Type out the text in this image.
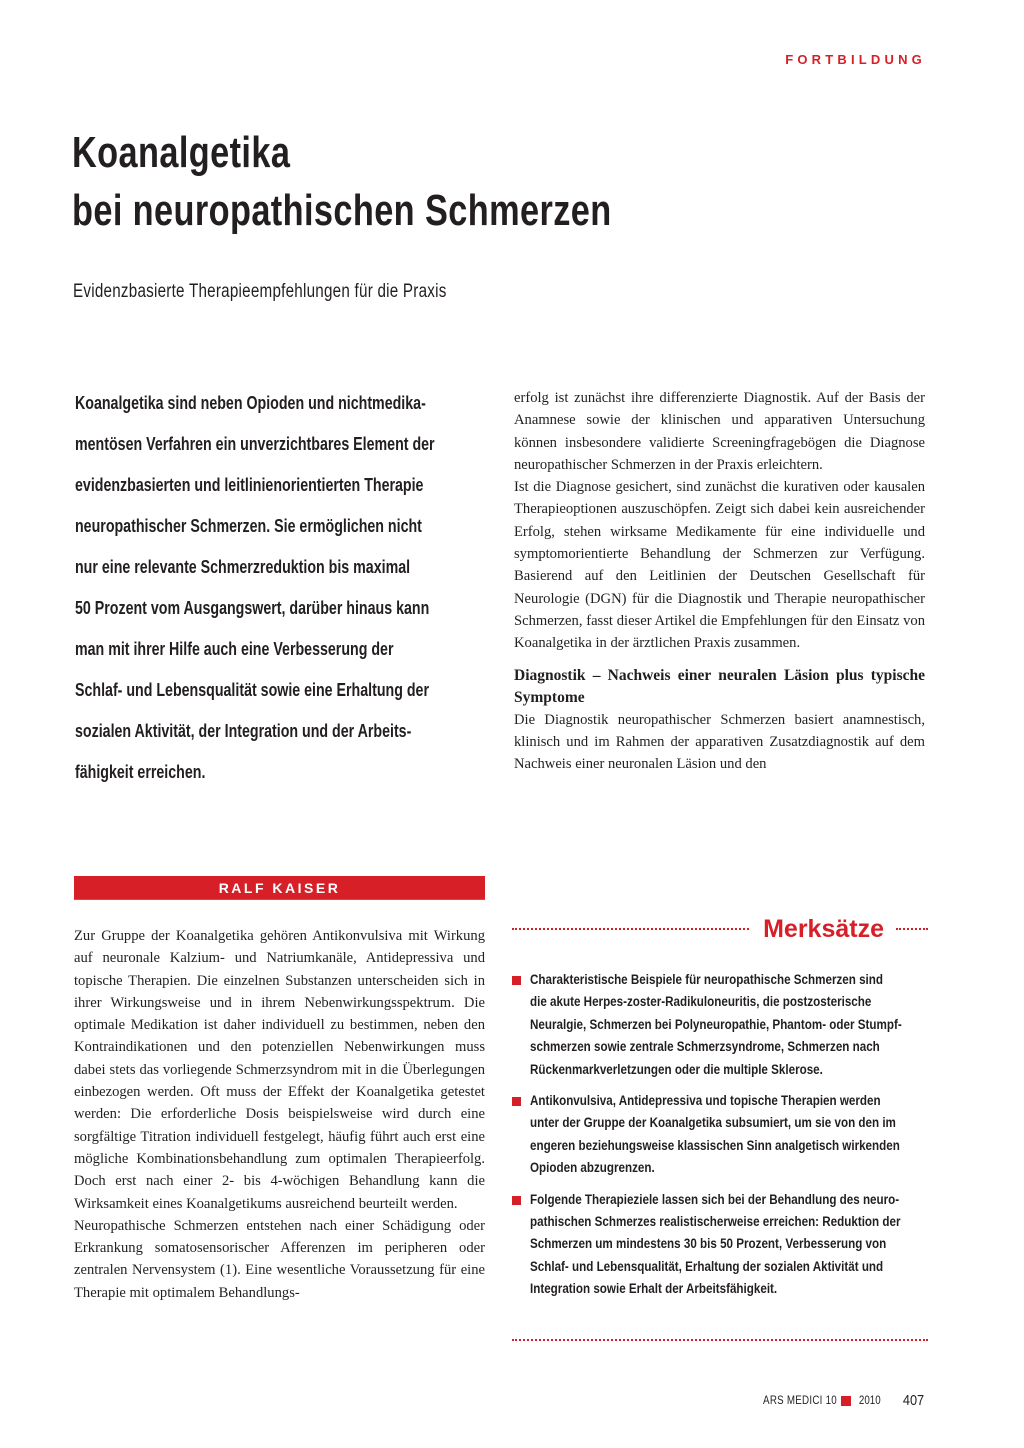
FORTBILDUNG
Koanalgetika
bei neuropathischen Schmerzen
Evidenzbasierte Therapieempfehlungen für die Praxis
Koanalgetika sind neben Opioden und nichtmedika-
mentösen Verfahren ein unverzichtbares Element der
evidenzbasierten und leitlinienorientierten Therapie
neuropathischer Schmerzen. Sie ermöglichen nicht
nur eine relevante Schmerzreduktion bis maximal
50 Prozent vom Ausgangswert, darüber hinaus kann
man mit ihrer Hilfe auch eine Verbesserung der
Schlaf- und Lebensqualität sowie eine Erhaltung der
sozialen Aktivität, der Integration und der Arbeits-
fähigkeit erreichen.

erfolg ist zunächst ihre differenzierte Diagnostik. Auf der Basis der Anamnese sowie der klinischen und apparativen Untersuchung können insbesondere validierte Screeningfragebögen die Diagnose neuropathischer Schmerzen in der Praxis erleichtern.

Ist die Diagnose gesichert, sind zunächst die kurativen oder kausalen Therapieoptionen auszuschöpfen. Zeigt sich dabei kein ausreichender Erfolg, stehen wirksame Medikamente für eine individuelle und symptomorientierte Behandlung der Schmerzen zur Verfügung. Basierend auf den Leitlinien der Deutschen Gesellschaft für Neurologie (DGN) für die Diagnostik und Therapie neuropathischer Schmerzen, fasst dieser Artikel die Empfehlungen für den Einsatz von Koanalgetika in der ärztlichen Praxis zusammen.

Diagnostik – Nachweis einer neuralen Läsion plus typische Symptome

Die Diagnostik neuropathischer Schmerzen basiert anamnestisch, klinisch und im Rahmen der apparativen Zusatzdiagnostik auf dem Nachweis einer neuronalen Läsion und den

RALF KAISER

Zur Gruppe der Koanalgetika gehören Antikonvulsiva mit Wirkung auf neuronale Kalzium- und Natriumkanäle, Antidepressiva und topische Therapien. Die einzelnen Substanzen unterscheiden sich in ihrer Wirkungsweise und in ihrem Nebenwirkungsspektrum. Die optimale Medikation ist daher individuell zu bestimmen, neben den Kontraindikationen und den potenziellen Nebenwirkungen muss dabei stets das vorliegende Schmerzsyndrom mit in die Überlegungen einbezogen werden. Oft muss der Effekt der Koanalgetika getestet werden: Die erforderliche Dosis beispielsweise wird durch eine sorgfältige Titration individuell festgelegt, häufig führt auch erst eine mögliche Kombinationsbehandlung zum optimalen Therapieerfolg. Doch erst nach einer 2- bis 4-wöchigen Behandlung kann die Wirksamkeit eines Koanalgetikums ausreichend beurteilt werden.

Neuropathische Schmerzen entstehen nach einer Schädigung oder Erkrankung somatosensorischer Afferenzen im peripheren oder zentralen Nervensystem (1). Eine wesentliche Voraussetzung für eine Therapie mit optimalem Behandlungs-

Merksätze
Charakteristische Beispiele für neuropathische Schmerzen sind
die akute Herpes-zoster-Radikuloneuritis, die postzosterische
Neuralgie, Schmerzen bei Polyneuropathie, Phantom- oder Stumpf-
schmerzen sowie zentrale Schmerzsyndrome, Schmerzen nach
Rückenmarkverletzungen oder die multiple Sklerose.
Antikonvulsiva, Antidepressiva und topische Therapien werden
unter der Gruppe der Koanalgetika subsumiert, um sie von den im
engeren beziehungsweise klassischen Sinn analgetisch wirkenden
Opioden abzugrenzen.
Folgende Therapieziele lassen sich bei der Behandlung des neuro-
pathischen Schmerzes realistischerweise erreichen: Reduktion der
Schmerzen um mindestens 30 bis 50 Prozent, Verbesserung von
Schlaf- und Lebensqualität, Erhaltung der sozialen Aktivität und
Integration sowie Erhalt der Arbeitsfähigkeit.
ARS MEDICI 10 2010 407
